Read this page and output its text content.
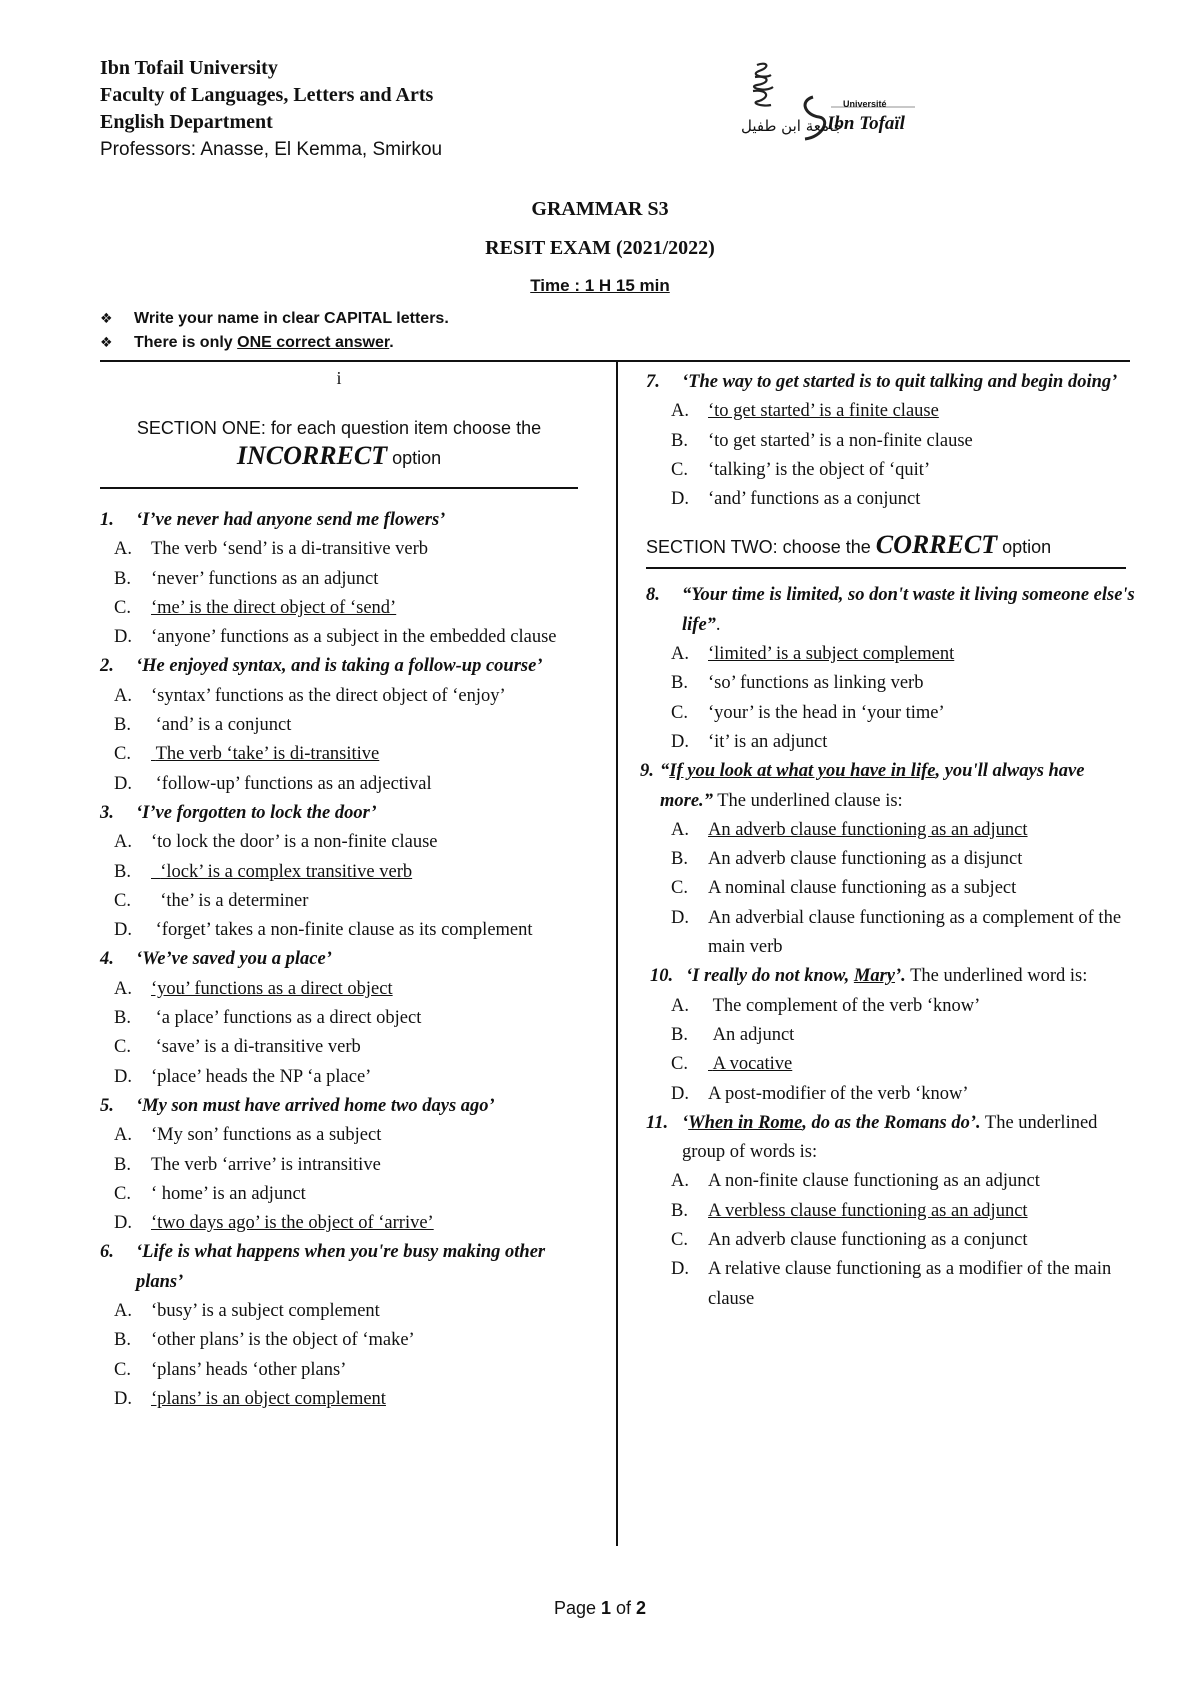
Ibn Tofail University
Faculty of Languages, Letters and Arts
English Department
Professors: Anasse, El Kemma, Smirkou
Université
Ibn Tofaïl
جامعة ابن طفيل
GRAMMAR S3
RESIT EXAM (2021/2022)
Time : 1 H 15 min
❖ Write your name in clear CAPITAL letters.
❖ There is only ONE correct answer.
i
SECTION ONE: for each question item choose the
INCORRECT option
1.	‘I’ve never had anyone send me flowers’
A.	The verb ‘send’ is a di-transitive verb
B.	‘never’ functions as an adjunct
C.	‘me’ is the direct object of ‘send’
D.	‘anyone’ functions as a subject in the embedded clause
2.	‘He enjoyed syntax, and is taking a follow-up course’
A.	‘syntax’ functions as the direct object of ‘enjoy’
B.	‘and’ is a conjunct
C.	The verb ‘take’ is di-transitive
D.	‘follow-up’ functions as an adjectival
3.	‘I’ve forgotten to lock the door’
A.	‘to lock the door’ is a non-finite clause
B.	‘lock’ is a complex transitive verb
C.	‘the’ is a determiner
D.	‘forget’ takes a non-finite clause as its complement
4.	‘We’ve saved you a place’
A.	‘you’ functions as a direct object
B.	‘a place’ functions as a direct object
C.	‘save’ is a di-transitive verb
D.	‘place’ heads the NP ‘a place’
5.	‘My son must have arrived home two days ago’
A.	‘My son’ functions as a subject
B.	The verb ‘arrive’ is intransitive
C.	‘ home’ is an adjunct
D.	‘two days ago’ is the object of ‘arrive’
6.	‘Life is what happens when you're busy making other plans’
A.	‘busy’ is a subject complement
B.	‘other plans’ is the object of ‘make’
C.	‘plans’ heads ‘other plans’
D.	‘plans’ is an object complement
7.	‘The way to get started is to quit talking and begin doing’
A.	‘to get started’ is a finite clause
B.	‘to get started’ is a non-finite clause
C.	‘talking’ is the object of ‘quit’
D.	‘and’ functions as a conjunct
SECTION TWO: choose the CORRECT option
8.	“Your time is limited, so don't waste it living someone else's life”.
A.	‘limited’ is a subject complement
B.	‘so’ functions as linking verb
C.	‘your’ is the head in ‘your time’
D.	‘it’ is an adjunct
9. “If you look at what you have in life, you'll always have more.” The underlined clause is:
A.	An adverb clause functioning as an adjunct
B.	An adverb clause functioning as a disjunct
C.	A nominal clause functioning as a subject
D.	An adverbial clause functioning as a complement of the main verb
10. ‘I really do not know, Mary’. The underlined word is:
A.	The complement of the verb ‘know’
B.	An adjunct
C.	A vocative
D.	A post-modifier of the verb ‘know’
11. ‘When in Rome, do as the Romans do’. The underlined group of words is:
A.	A non-finite clause functioning as an adjunct
B.	A verbless clause functioning as an adjunct
C.	An adverb clause functioning as a conjunct
D.	A relative clause functioning as a modifier of the main clause
Page 1 of 2
